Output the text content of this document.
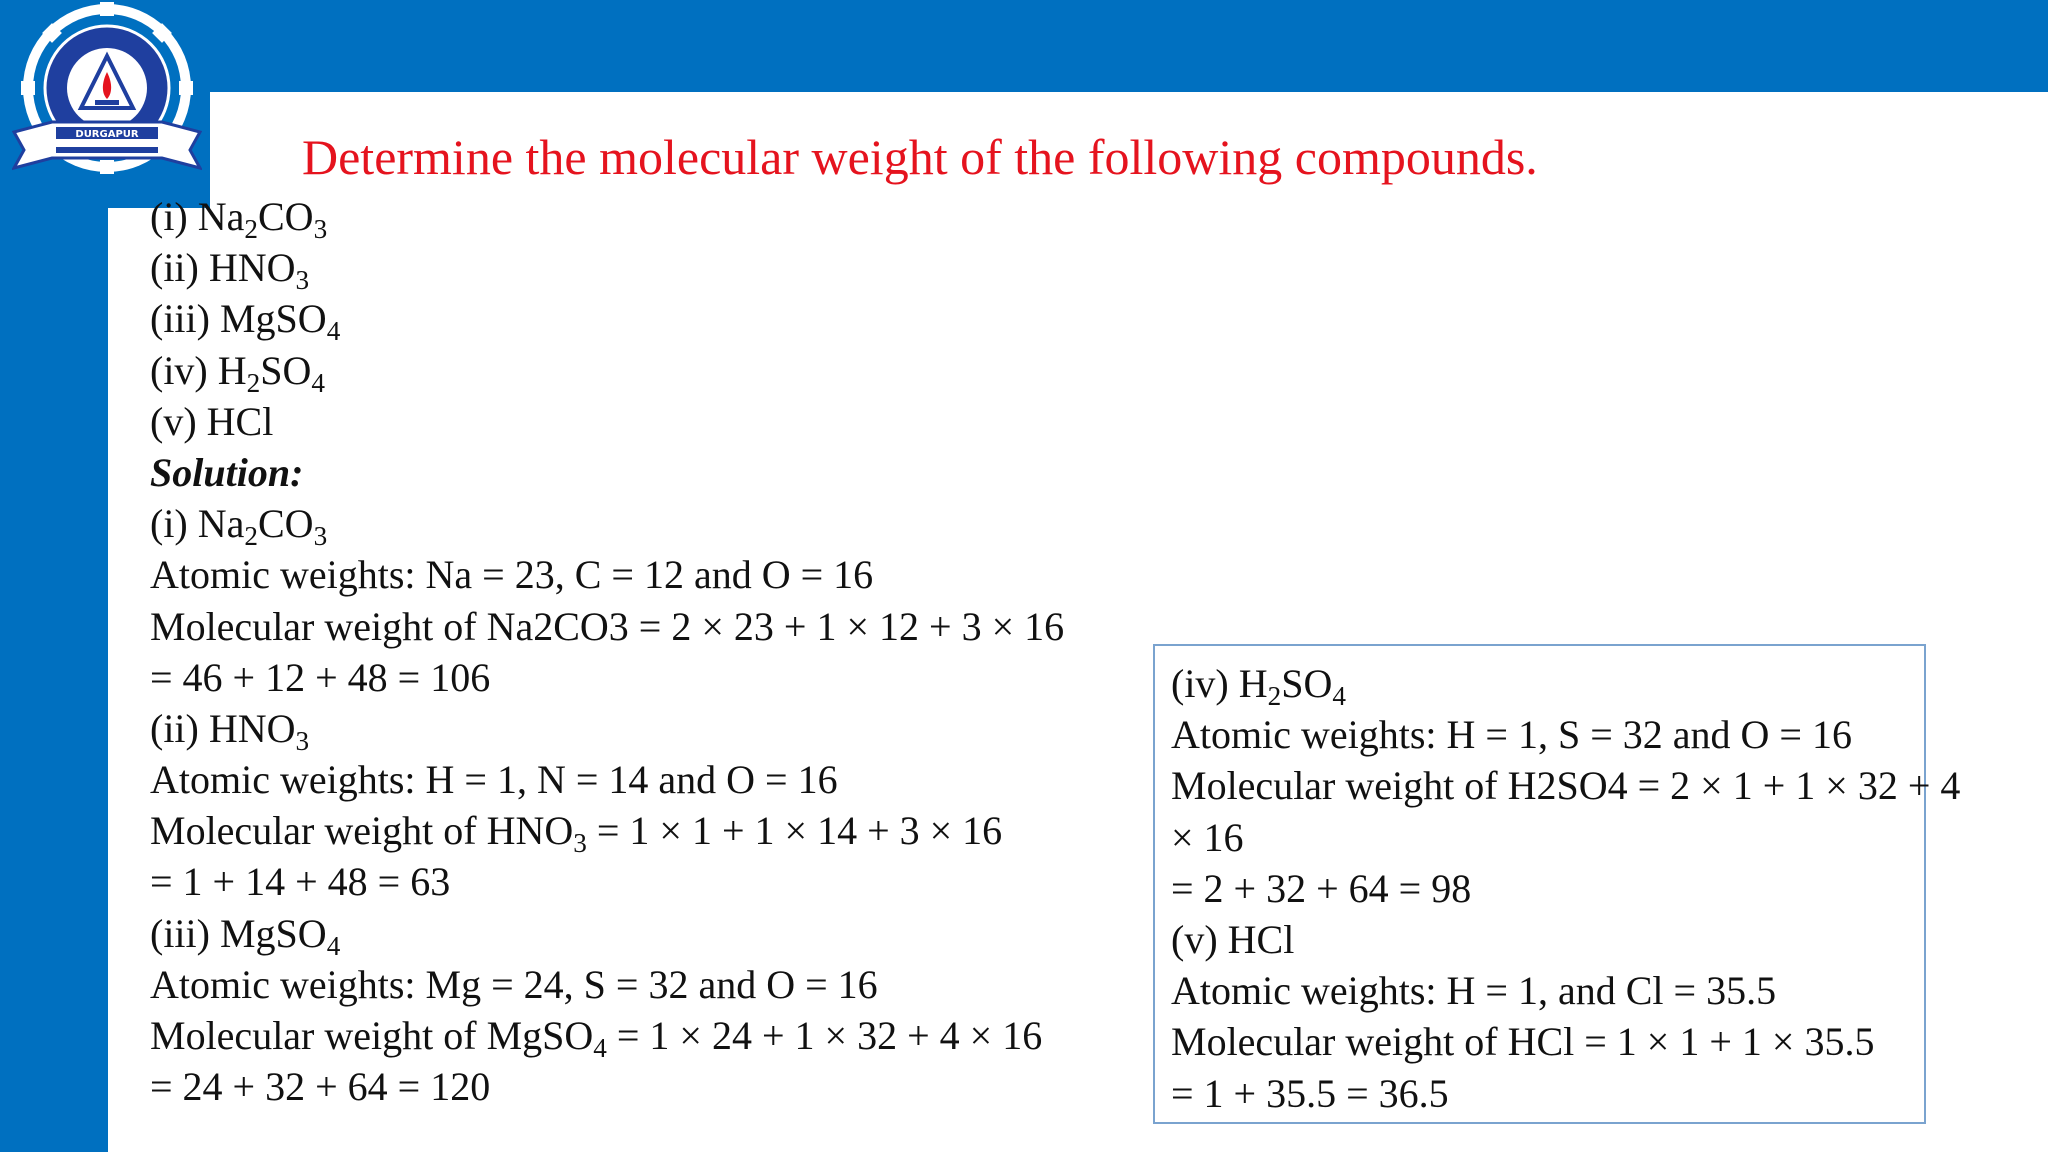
DURGAPUR	Determine the molecular weight of the following compounds.
(i) $Na_2CO_3$
(ii) $HNO_3$
(iii) MgSO$_4$
(iv) $H_2SO_4$
(v) HCl
Solution:
(i) $Na_2CO_3$
Atomic weights: Na = 23, C = 12 and O = 16
Molecular weight of Na2CO3 = 2 × 23 + 1 × 12 + 3 × 16
= 46 + 12 + 48 = 106
(ii) $HNO_3$
Atomic weights: H = 1, N = 14 and O = 16
Molecular weight of $HNO_3 = 1 \times 1 + 1 \times 14 + 3 \times 16$
= 1 + 14 + 48 = 63
(iii) MgSO$_4$
Atomic weights: Mg = 24, S = 32 and O = 16
Molecular weight of MgSO$_4$ = 1 × 24 + 1 × 32 + 4 × 16
= 24 + 32 + 64 = 120
(iv) $H_2SO_4$
Atomic weights: H = 1, S = 32 and O = 16
Molecular weight of H2SO4 = 2 × 1 + 1 × 32 + 4
× 16
= 2 + 32 + 64 = 98
(v) HCl
Atomic weights: H = 1, and Cl = 35.5
Molecular weight of HCl = 1 × 1 + 1 × 35.5
= 1 + 35.5 = 36.5
